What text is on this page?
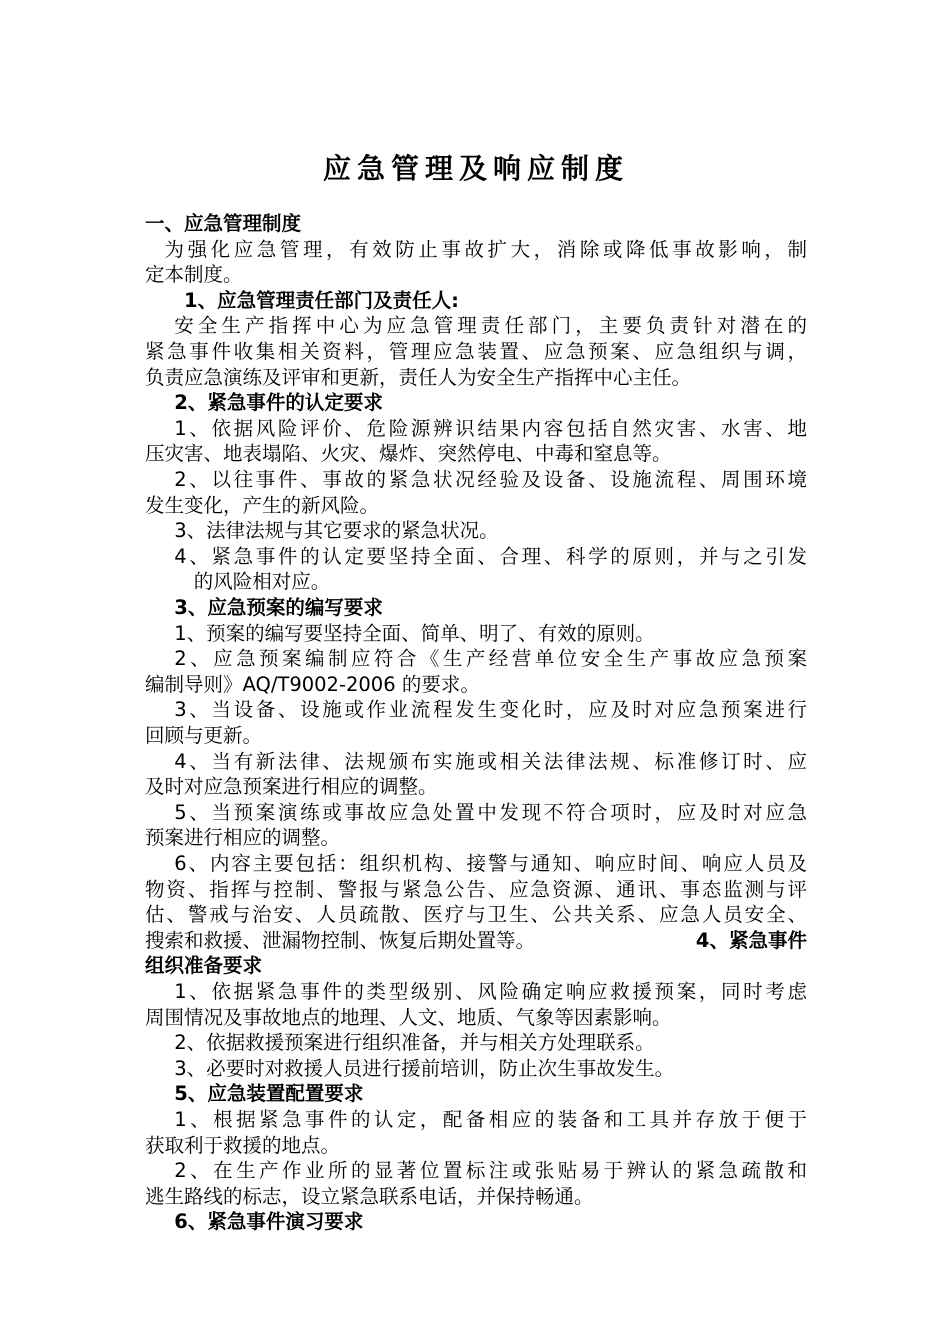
应急管理及响应制度
一、应急管理制度
为强化应急管理，有效防止事故扩大，消除或降低事故影响，制
定本制度。
1、应急管理责任部门及责任人:
安全生产指挥中心为应急管理责任部门，主要负责针对潜在的
紧急事件收集相关资料，管理应急装置、应急预案、应急组织与调，
负责应急演练及评审和更新，责任人为安全生产指挥中心主任。
2、紧急事件的认定要求
1、依据风险评价、危险源辨识结果内容包括自然灾害、水害、地
压灾害、地表塌陷、火灾、爆炸、突然停电、中毒和窒息等。
2、以往事件、事故的紧急状况经验及设备、设施流程、周围环境
发生变化，产生的新风险。
3、法律法规与其它要求的紧急状况。
4、紧急事件的认定要坚持全面、合理、科学的原则，并与之引发
的风险相对应。
3、应急预案的编写要求
1、预案的编写要坚持全面、简单、明了、有效的原则。
2、应急预案编制应符合《生产经营单位安全生产事故应急预案
编制导则》AQ/T9002-2006 的要求。
3、当设备、设施或作业流程发生变化时，应及时对应急预案进行
回顾与更新。
4、当有新法律、法规颁布实施或相关法律法规、标准修订时、应
及时对应急预案进行相应的调整。
5、当预案演练或事故应急处置中发现不符合项时，应及时对应急
预案进行相应的调整。
6、内容主要包括：组织机构、接警与通知、响应时间、响应人员及
物资、指挥与控制、警报与紧急公告、应急资源、通讯、事态监测与评
估、警戒与治安、人员疏散、医疗与卫生、公共关系、应急人员安全、
搜索和救援、泄漏物控制、恢复后期处置等。	4、紧急事件
组织准备要求
1、依据紧急事件的类型级别、风险确定响应救援预案，同时考虑
周围情况及事故地点的地理、人文、地质、气象等因素影响。
2、依据救援预案进行组织准备，并与相关方处理联系。
3、必要时对救援人员进行援前培训，防止次生事故发生。
5、应急装置配置要求
1、根据紧急事件的认定，配备相应的装备和工具并存放于便于
获取利于救援的地点。
2、在生产作业所的显著位置标注或张贴易于辨认的紧急疏散和
逃生路线的标志，设立紧急联系电话，并保持畅通。
6、紧急事件演习要求
